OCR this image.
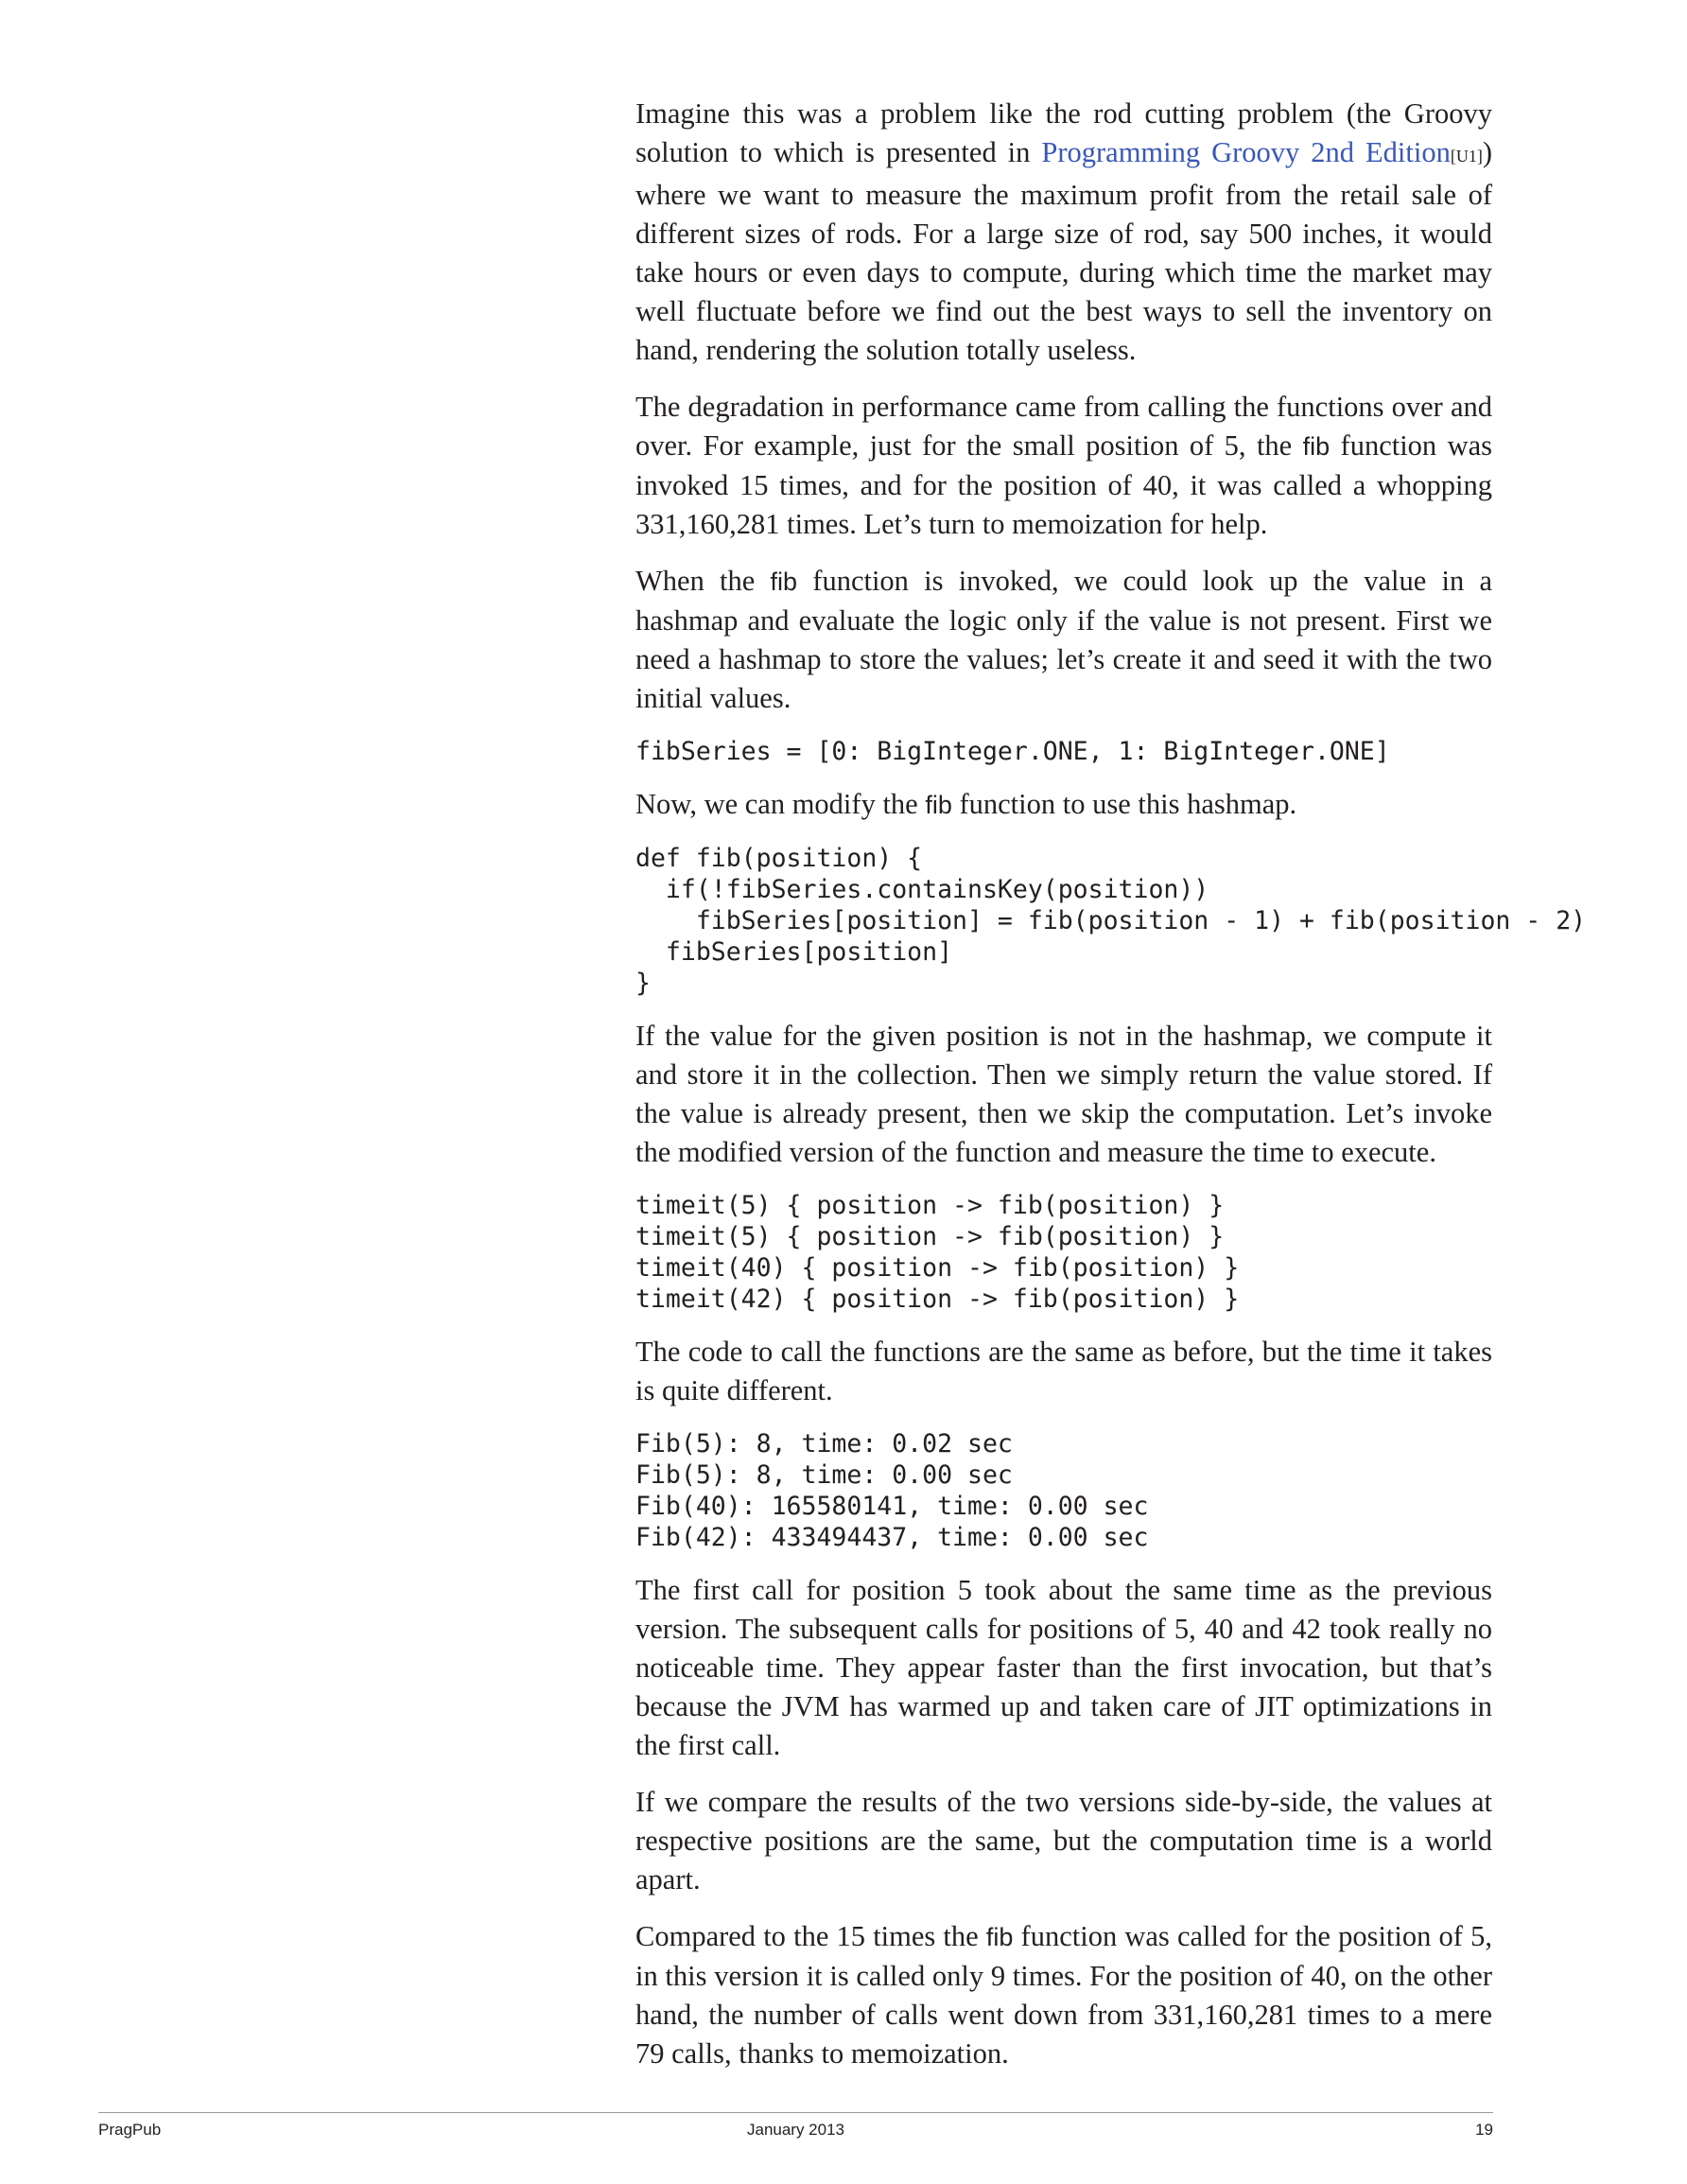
Imagine this was a problem like the rod cutting problem (the Groovy solution to which is presented in Programming Groovy 2nd Edition[U1]) where we want to measure the maximum profit from the retail sale of different sizes of rods. For a large size of rod, say 500 inches, it would take hours or even days to compute, during which time the market may well fluctuate before we find out the best ways to sell the inventory on hand, rendering the solution totally useless.

The degradation in performance came from calling the functions over and over. For example, just for the small position of 5, the fib function was invoked 15 times, and for the position of 40, it was called a whopping 331,160,281 times. Let’s turn to memoization for help.

When the fib function is invoked, we could look up the value in a hashmap and evaluate the logic only if the value is not present. First we need a hashmap to store the values; let’s create it and seed it with the two initial values.

fibSeries = [0: BigInteger.ONE, 1: BigInteger.ONE]

Now, we can modify the fib function to use this hashmap.

def fib(position) {
if(!fibSeries.containsKey(position))
fibSeries[position] = fib(position - 1) + fib(position - 2)
fibSeries[position]
}

If the value for the given position is not in the hashmap, we compute it and store it in the collection. Then we simply return the value stored. If the value is already present, then we skip the computation. Let’s invoke the modified version of the function and measure the time to execute.

timeit(5) { position -> fib(position) }
timeit(5) { position -> fib(position) }
timeit(40) { position -> fib(position) }
timeit(42) { position -> fib(position) }

The code to call the functions are the same as before, but the time it takes is quite different.

Fib(5): 8, time: 0.02 sec
Fib(5): 8, time: 0.00 sec
Fib(40): 165580141, time: 0.00 sec
Fib(42): 433494437, time: 0.00 sec

The first call for position 5 took about the same time as the previous version. The subsequent calls for positions of 5, 40 and 42 took really no noticeable time. They appear faster than the first invocation, but that’s because the JVM has warmed up and taken care of JIT optimizations in the first call.

If we compare the results of the two versions side-by-side, the values at respective positions are the same, but the computation time is a world apart.

Compared to the 15 times the fib function was called for the position of 5, in this version it is called only 9 times. For the position of 40, on the other hand, the number of calls went down from 331,160,281 times to a mere 79 calls, thanks to memoization.

PragPub	January 2013	19
